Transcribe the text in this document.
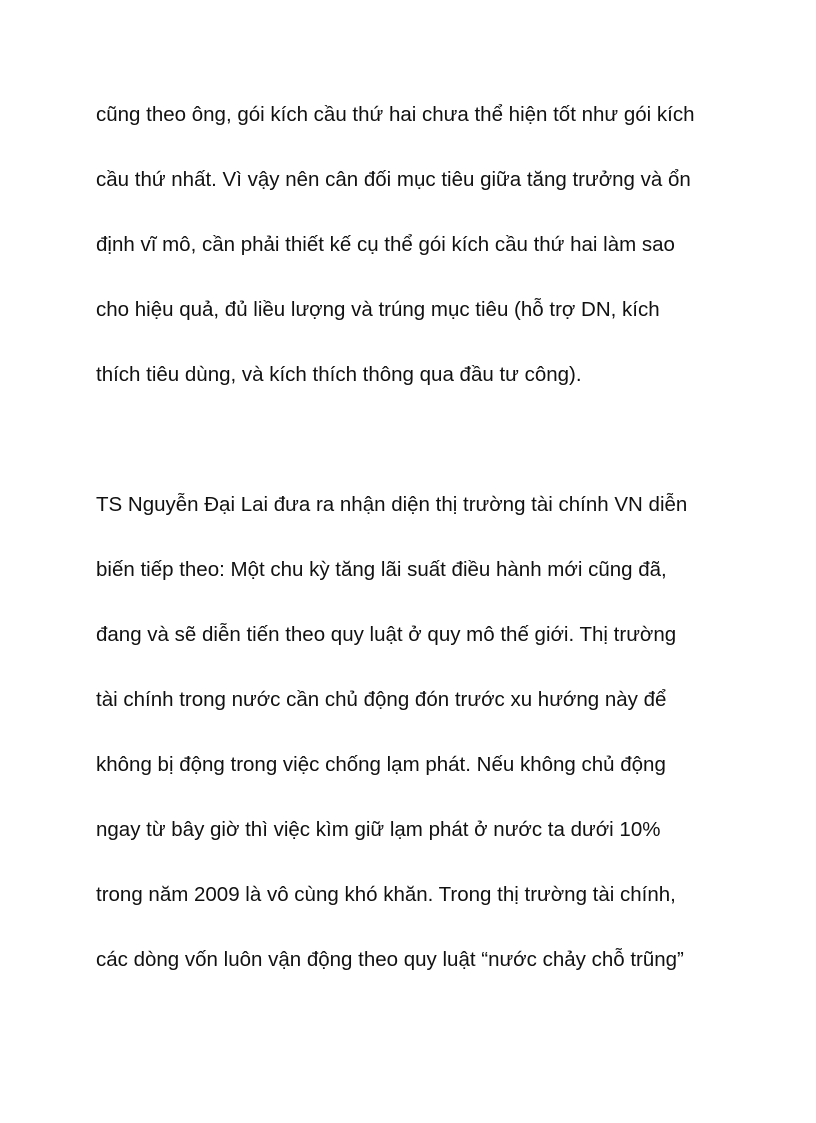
cũng theo ông, gói kích cầu thứ hai chưa thể hiện tốt như gói kích
cầu thứ nhất. Vì vậy nên cân đối mục tiêu giữa tăng trưởng và ổn
định vĩ mô, cần phải thiết kế cụ thể gói kích cầu thứ hai làm sao
cho hiệu quả, đủ liều lượng và trúng mục tiêu (hỗ trợ DN, kích
thích tiêu dùng, và kích thích thông qua đầu tư công).
TS Nguyễn Đại Lai đưa ra nhận diện thị trường tài chính VN diễn
biến tiếp theo: Một chu kỳ tăng lãi suất điều hành mới cũng đã,
đang và sẽ diễn tiến theo quy luật ở quy mô thế giới. Thị trường
tài chính trong nước cần chủ động đón trước xu hướng này để
không bị động trong việc chống lạm phát. Nếu không chủ động
ngay từ bây giờ thì việc kìm giữ lạm phát ở nước ta dưới 10%
trong năm 2009 là vô cùng khó khăn. Trong thị trường tài chính,
các dòng vốn luôn vận động theo quy luật “nước chảy chỗ trũng”
